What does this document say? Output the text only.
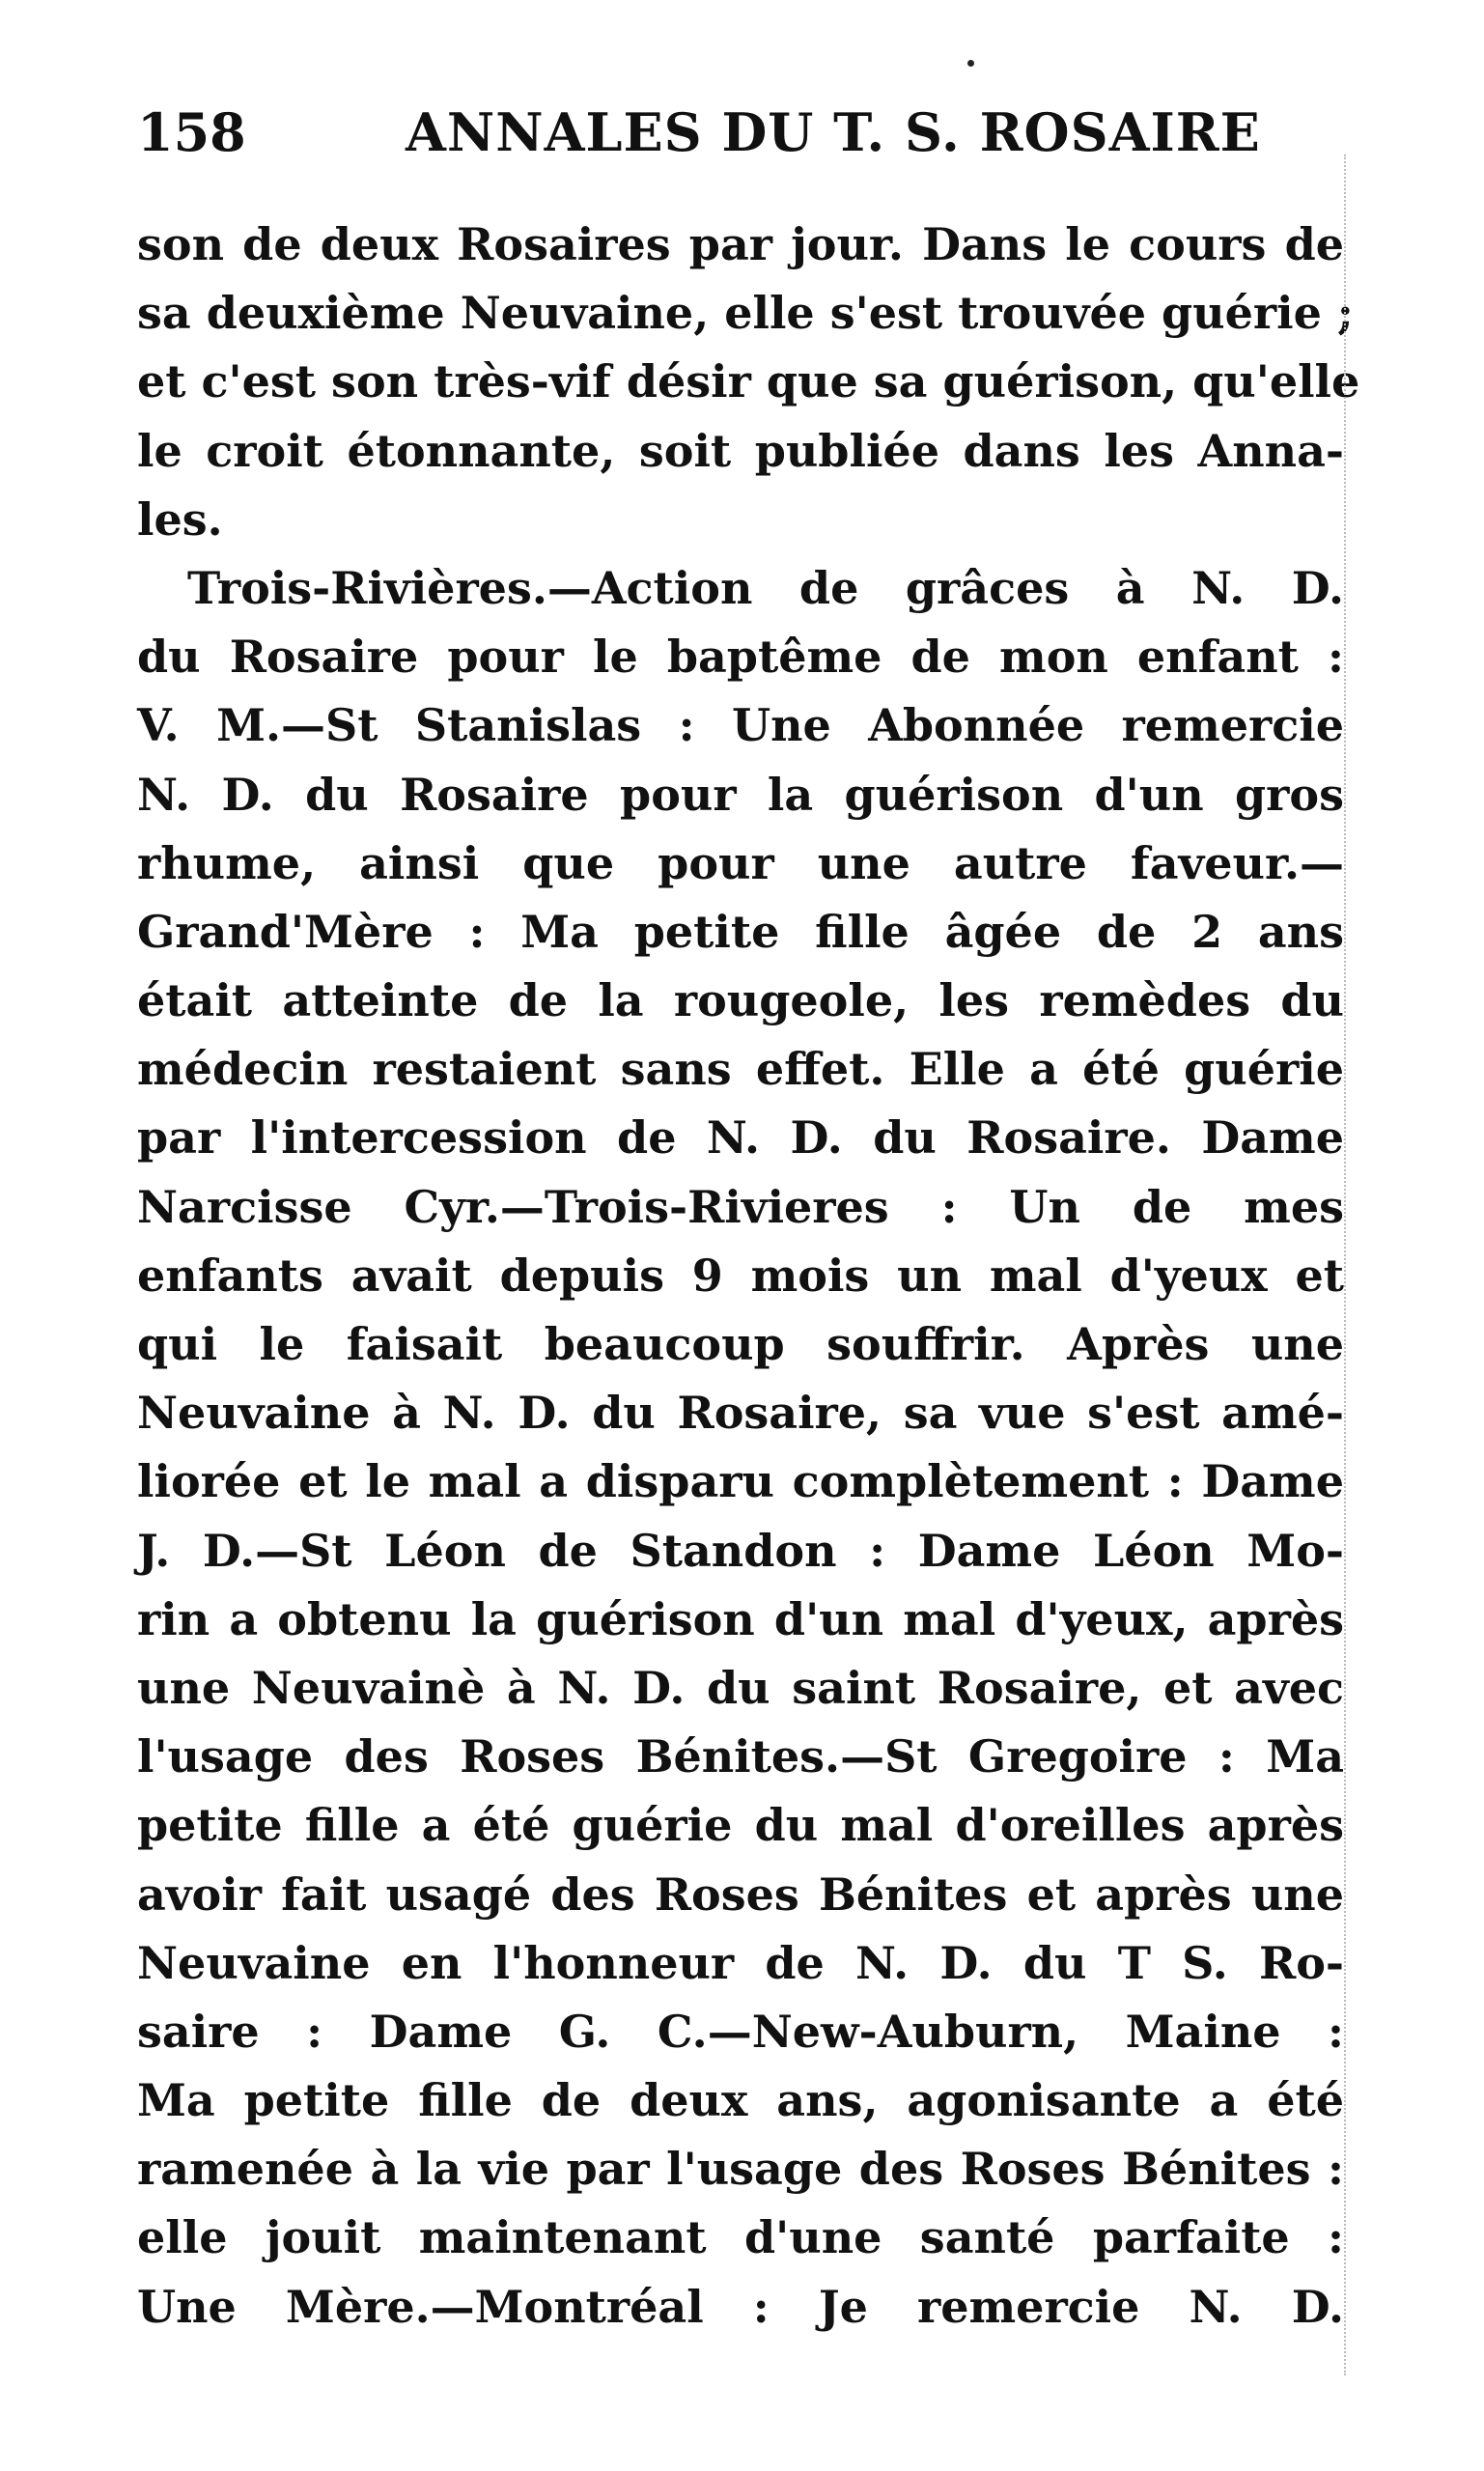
158	ANNALES DU T. S. ROSAIRE
son de deux Rosaires par jour. Dans le cours de
sa deuxième Neuvaine, elle s'est trouvée guérie ;
et c'est son très-vif désir que sa guérison, qu'elle
le croit étonnante, soit publiée dans les Anna-
les.
Trois-Rivières.—Action de grâces à N. D.
du Rosaire pour le baptême de mon enfant :
V. M.—St Stanislas : Une Abonnée remercie
N. D. du Rosaire pour la guérison d'un gros
rhume, ainsi que pour une autre faveur.—
Grand'Mère : Ma petite fille âgée de 2 ans
était atteinte de la rougeole, les remèdes du
médecin restaient sans effet. Elle a été guérie
par l'intercession de N. D. du Rosaire. Dame
Narcisse Cyr.—Trois-Rivieres : Un de mes
enfants avait depuis 9 mois un mal d'yeux et
qui le faisait beaucoup souffrir. Après une
Neuvaine à N. D. du Rosaire, sa vue s'est amé-
liorée et le mal a disparu complètement : Dame
J. D.—St Léon de Standon : Dame Léon Mo-
rin a obtenu la guérison d'un mal d'yeux, après
une Neuvainè à N. D. du saint Rosaire, et avec
l'usage des Roses Bénites.—St Gregoire : Ma
petite fille a été guérie du mal d'oreilles après
avoir fait usagé des Roses Bénites et après une
Neuvaine en l'honneur de N. D. du T S. Ro-
saire : Dame G. C.—New-Auburn, Maine :
Ma petite fille de deux ans, agonisante a été
ramenée à la vie par l'usage des Roses Bénites :
elle jouit maintenant d'une santé parfaite :
Une Mère.—Montréal : Je remercie N. D.
